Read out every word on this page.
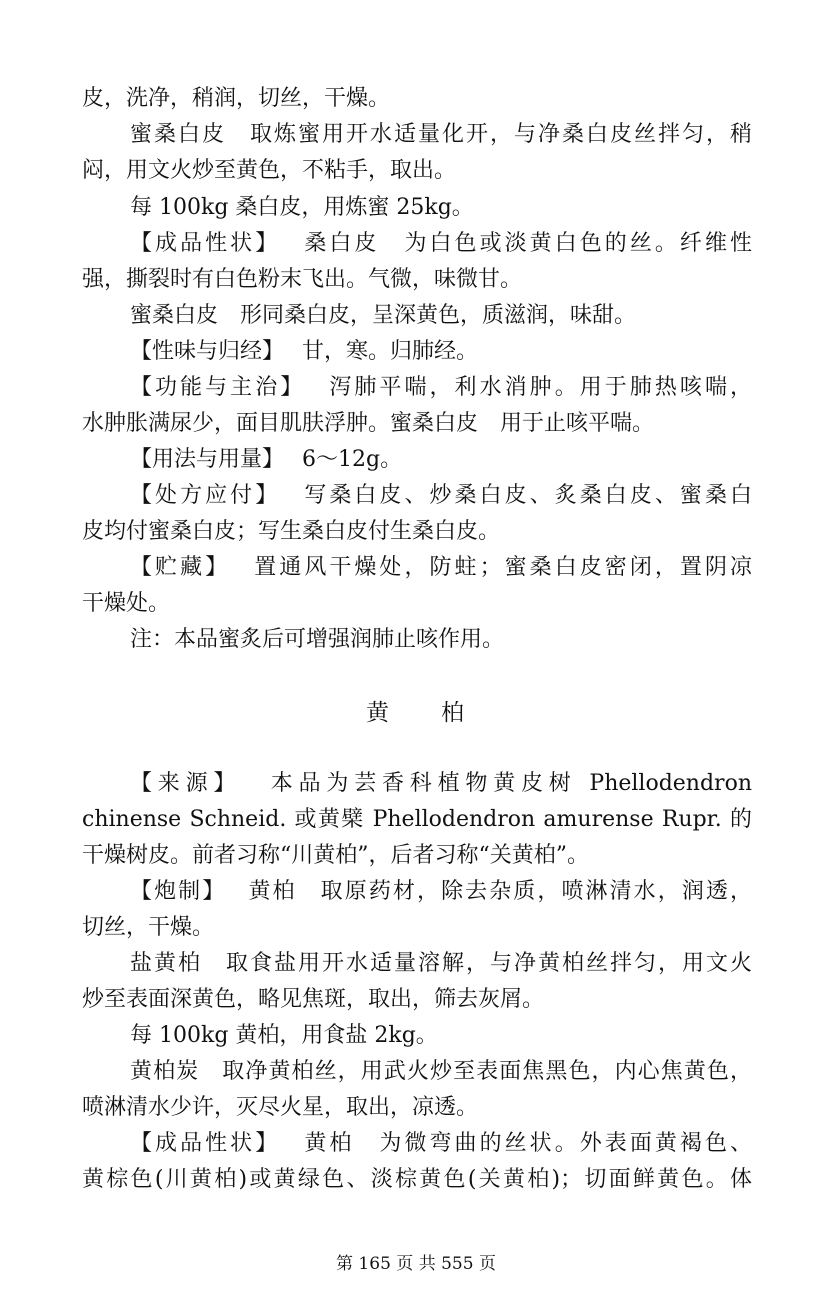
皮，洗净，稍润，切丝，干燥。
蜜桑白皮　取炼蜜用开水适量化开，与净桑白皮丝拌匀，稍
闷，用文火炒至黄色，不粘手，取出。
每 100kg 桑白皮，用炼蜜 25kg。
【成品性状】　 桑白皮　为白色或淡黄白色的丝。纤维性
强，撕裂时有白色粉末飞出。气微，味微甘。
蜜桑白皮　形同桑白皮，呈深黄色，质滋润，味甜。
【性味与归经】　 甘，寒。归肺经。
【功能与主治】　 泻肺平喘，利水消肿。用于肺热咳喘，
水肿胀满尿少，面目肌肤浮肿。蜜桑白皮　用于止咳平喘。
【用法与用量】　 6～12g。
【处方应付】　 写桑白皮、炒桑白皮、炙桑白皮、蜜桑白
皮均付蜜桑白皮；写生桑白皮付生桑白皮。
【贮藏】　 置通风干燥处，防蛀；蜜桑白皮密闭，置阴凉
干燥处。
注：本品蜜炙后可增强润肺止咳作用。
黄　　柏
【来源】　 本品为芸香科植物黄皮树 Phellodendron
chinense Schneid. 或黄檗 Phellodendron amurense Rupr. 的
干燥树皮。前者习称“川黄柏”，后者习称“关黄柏”。
【炮制】　 黄柏　取原药材，除去杂质，喷淋清水，润透，
切丝，干燥。
盐黄柏　取食盐用开水适量溶解，与净黄柏丝拌匀，用文火
炒至表面深黄色，略见焦斑，取出，筛去灰屑。
每 100kg 黄柏，用食盐 2kg。
黄柏炭　取净黄柏丝，用武火炒至表面焦黑色，内心焦黄色，
喷淋清水少许，灭尽火星，取出，凉透。
【成品性状】　 黄柏　为微弯曲的丝状。外表面黄褐色、
黄棕色(川黄柏)或黄绿色、淡棕黄色(关黄柏)；切面鲜黄色。体
第 165 页 共 555 页
